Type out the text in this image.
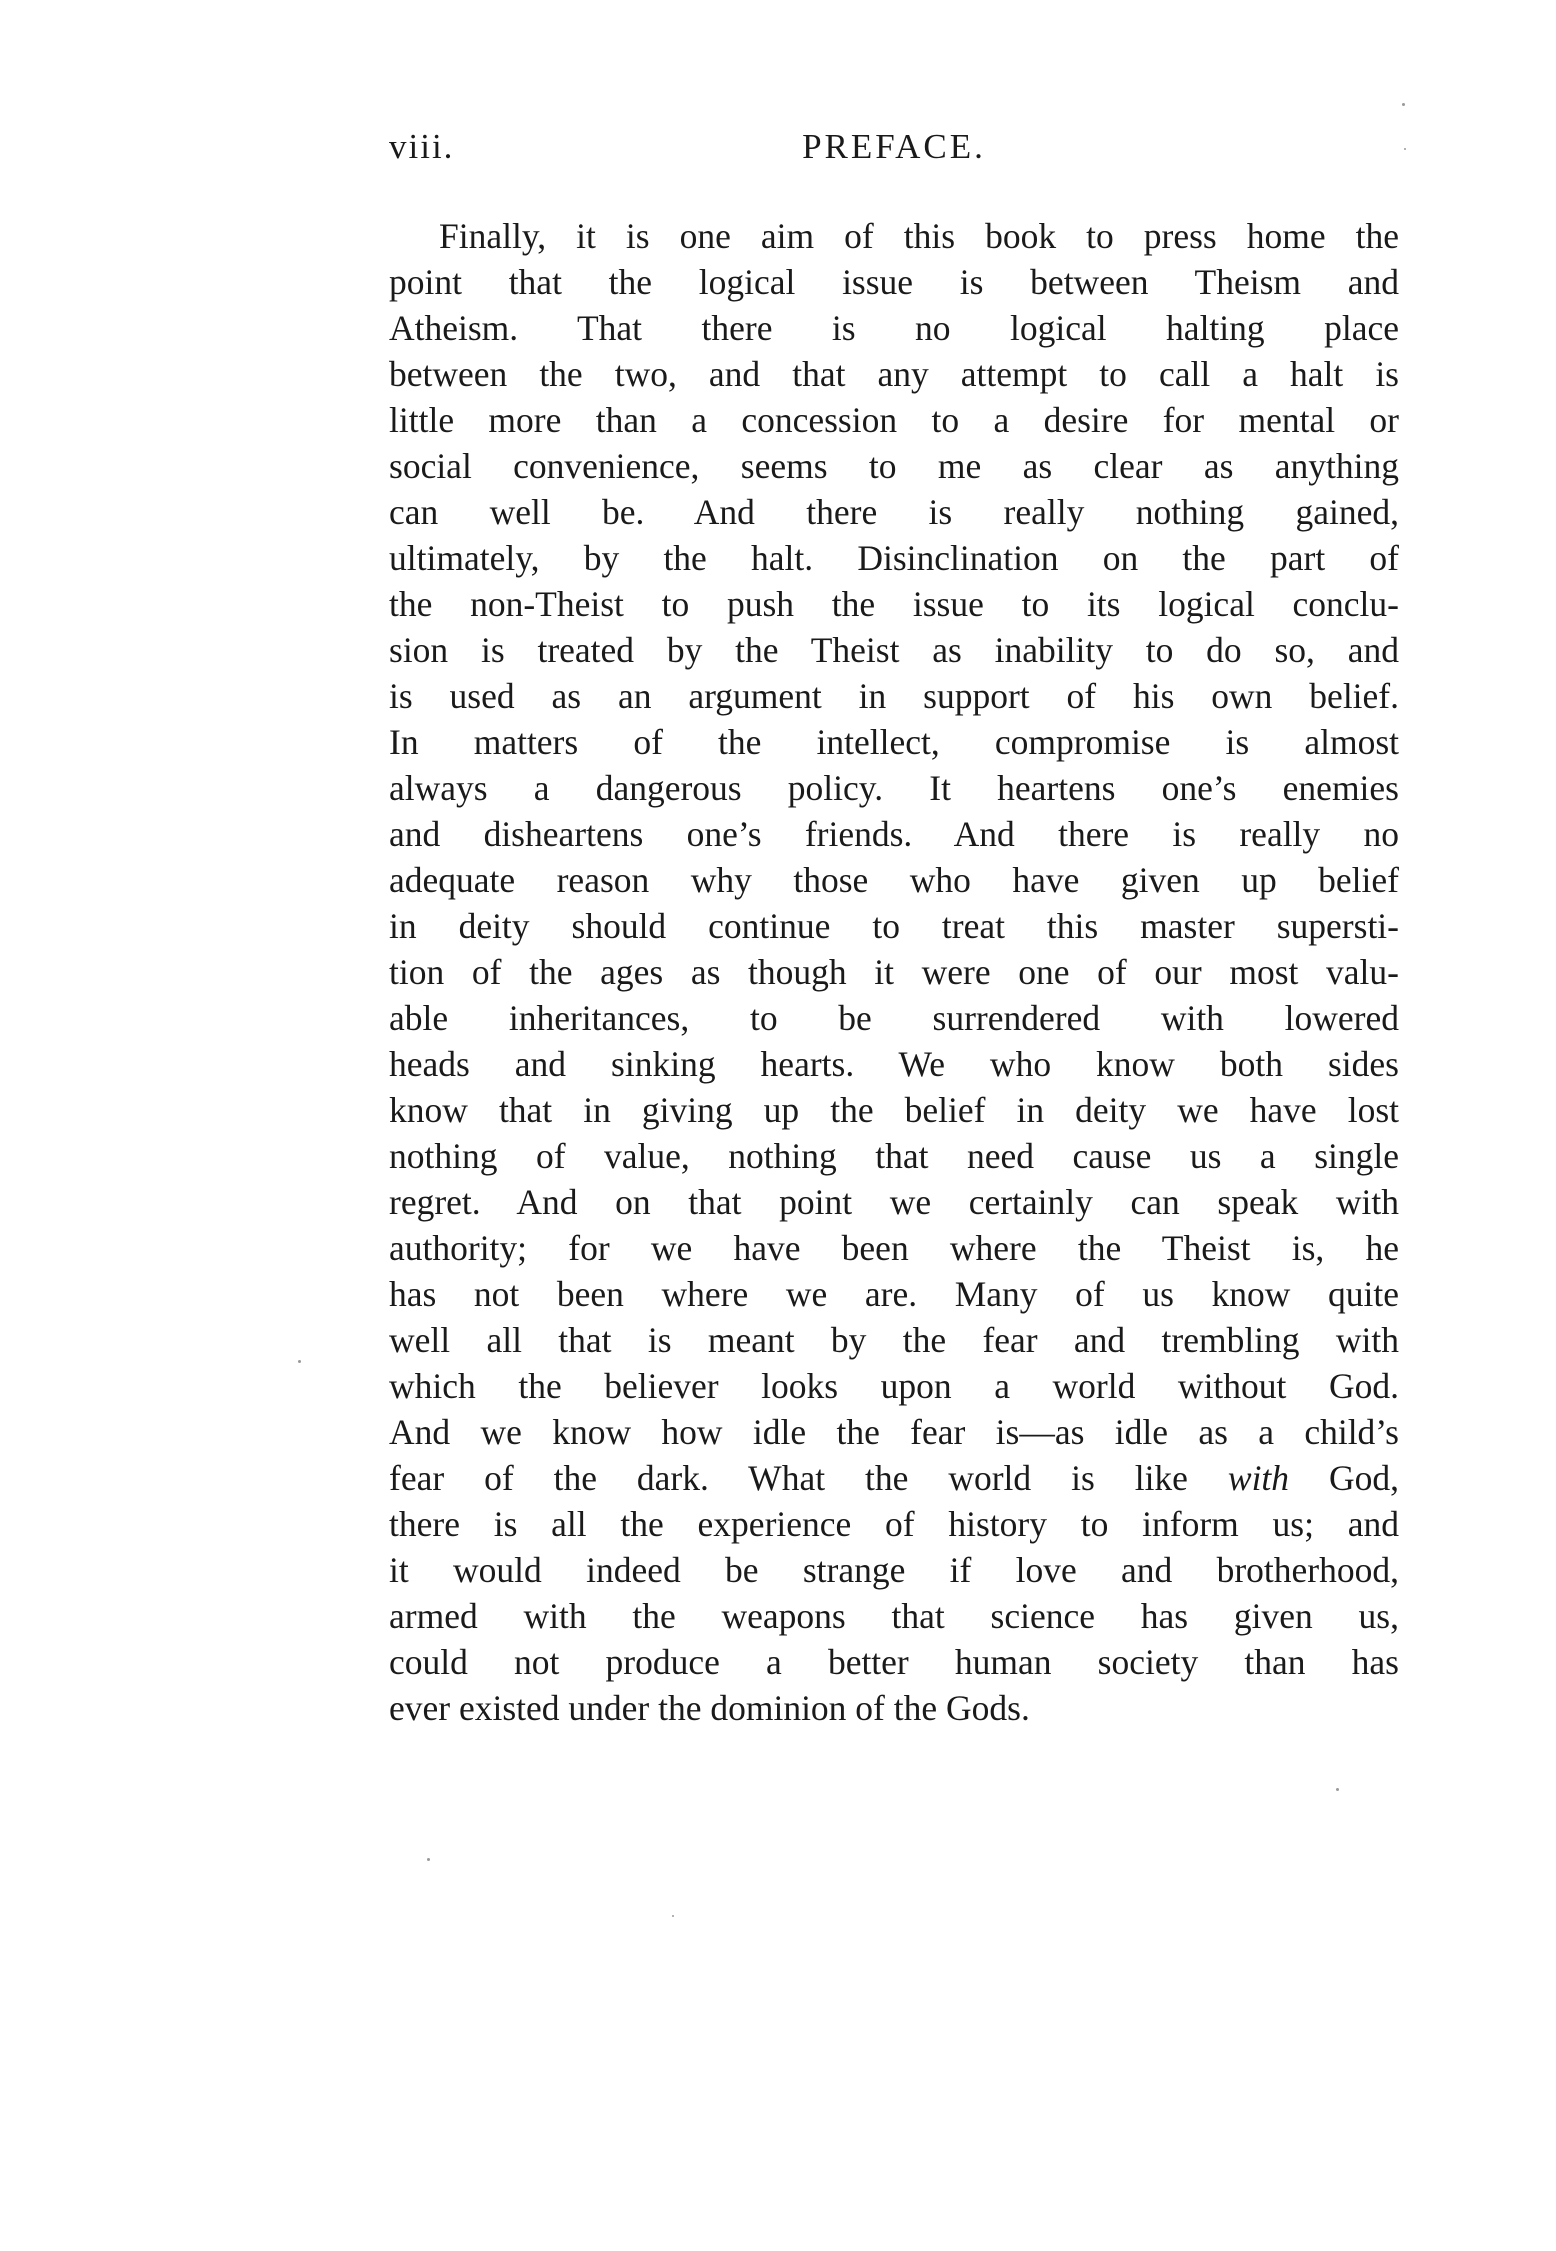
viii.	PREFACE.
Finally, it is one aim of this book to press home the
point that the logical issue is between Theism and
Atheism. That there is no logical halting place
between the two, and that any attempt to call a halt is
little more than a concession to a desire for mental or
social convenience, seems to me as clear as anything
can well be. And there is really nothing gained,
ultimately, by the halt. Disinclination on the part of
the non-Theist to push the issue to its logical conclu-
sion is treated by the Theist as inability to do so, and
is used as an argument in support of his own belief.
In matters of the intellect, compromise is almost
always a dangerous policy. It heartens one’s enemies
and disheartens one’s friends. And there is really no
adequate reason why those who have given up belief
in deity should continue to treat this master supersti-
tion of the ages as though it were one of our most valu-
able inheritances, to be surrendered with lowered
heads and sinking hearts. We who know both sides
know that in giving up the belief in deity we have lost
nothing of value, nothing that need cause us a single
regret. And on that point we certainly can speak with
authority; for we have been where the Theist is, he
has not been where we are. Many of us know quite
well all that is meant by the fear and trembling with
which the believer looks upon a world without God.
And we know how idle the fear is—as idle as a child’s
fear of the dark. What the world is like with God,
there is all the experience of history to inform us; and
it would indeed be strange if love and brotherhood,
armed with the weapons that science has given us,
could not produce a better human society than has
ever existed under the dominion of the Gods.
